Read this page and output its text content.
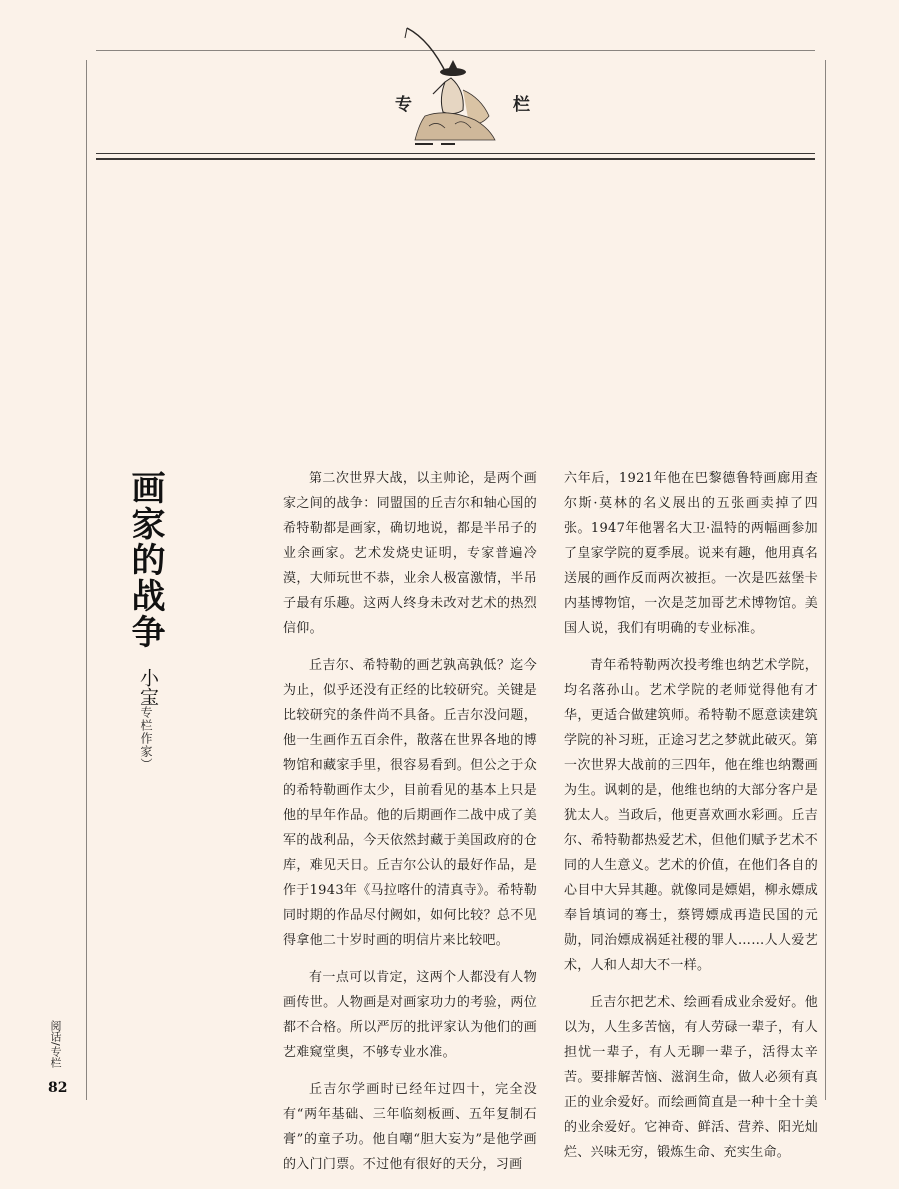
专	栏
画家的战争
小宝
（专栏作家）

第二次世界大战，以主帅论，是两个画家之间的战争：同盟国的丘吉尔和轴心国的希特勒都是画家，确切地说，都是半吊子的业余画家。艺术发烧史证明，专家普遍冷漠，大师玩世不恭，业余人极富激情，半吊子最有乐趣。这两人终身未改对艺术的热烈信仰。

丘吉尔、希特勒的画艺孰高孰低？迄今为止，似乎还没有正经的比较研究。关键是比较研究的条件尚不具备。丘吉尔没问题，他一生画作五百余件，散落在世界各地的博物馆和藏家手里，很容易看到。但公之于众的希特勒画作太少，目前看见的基本上只是他的早年作品。他的后期画作二战中成了美军的战利品，今天依然封藏于美国政府的仓库，难见天日。丘吉尔公认的最好作品，是作于1943年《马拉喀什的清真寺》。希特勒同时期的作品尽付阙如，如何比较？总不见得拿他二十岁时画的明信片来比较吧。

有一点可以肯定，这两个人都没有人物画传世。人物画是对画家功力的考验，两位都不合格。所以严厉的批评家认为他们的画艺难窥堂奥，不够专业水准。

丘吉尔学画时已经年过四十，完全没有“两年基础、三年临刻板画、五年复制石膏”的童子功。他自嘲“胆大妄为”是他学画的入门门票。不过他有很好的天分，习画

六年后，1921年他在巴黎德鲁特画廊用查尔斯·莫林的名义展出的五张画卖掉了四张。1947年他署名大卫·温特的两幅画参加了皇家学院的夏季展。说来有趣，他用真名送展的画作反而两次被拒。一次是匹兹堡卡内基博物馆，一次是芝加哥艺术博物馆。美国人说，我们有明确的专业标准。

青年希特勒两次投考维也纳艺术学院，均名落孙山。艺术学院的老师觉得他有才华，更适合做建筑师。希特勒不愿意读建筑学院的补习班，正途习艺之梦就此破灭。第一次世界大战前的三四年，他在维也纳鬻画为生。讽刺的是，他维也纳的大部分客户是犹太人。当政后，他更喜欢画水彩画。丘吉尔、希特勒都热爱艺术，但他们赋予艺术不同的人生意义。艺术的价值，在他们各自的心目中大异其趣。就像同是嫖娼，柳永嫖成奉旨填词的骞士，蔡锷嫖成再造民国的元勋，同治嫖成祸延社稷的罪人……人人爱艺术，人和人却大不一样。

丘吉尔把艺术、绘画看成业余爱好。他以为，人生多苦恼，有人劳碌一辈子，有人担忧一辈子，有人无聊一辈子，活得太辛苦。要排解苦恼、滋润生命，做人必须有真正的业余爱好。而绘画简直是一种十全十美的业余爱好。它神奇、鲜活、营养、阳光灿烂、兴味无穷，锻炼生命、充实生命。

阅话/专栏
82
